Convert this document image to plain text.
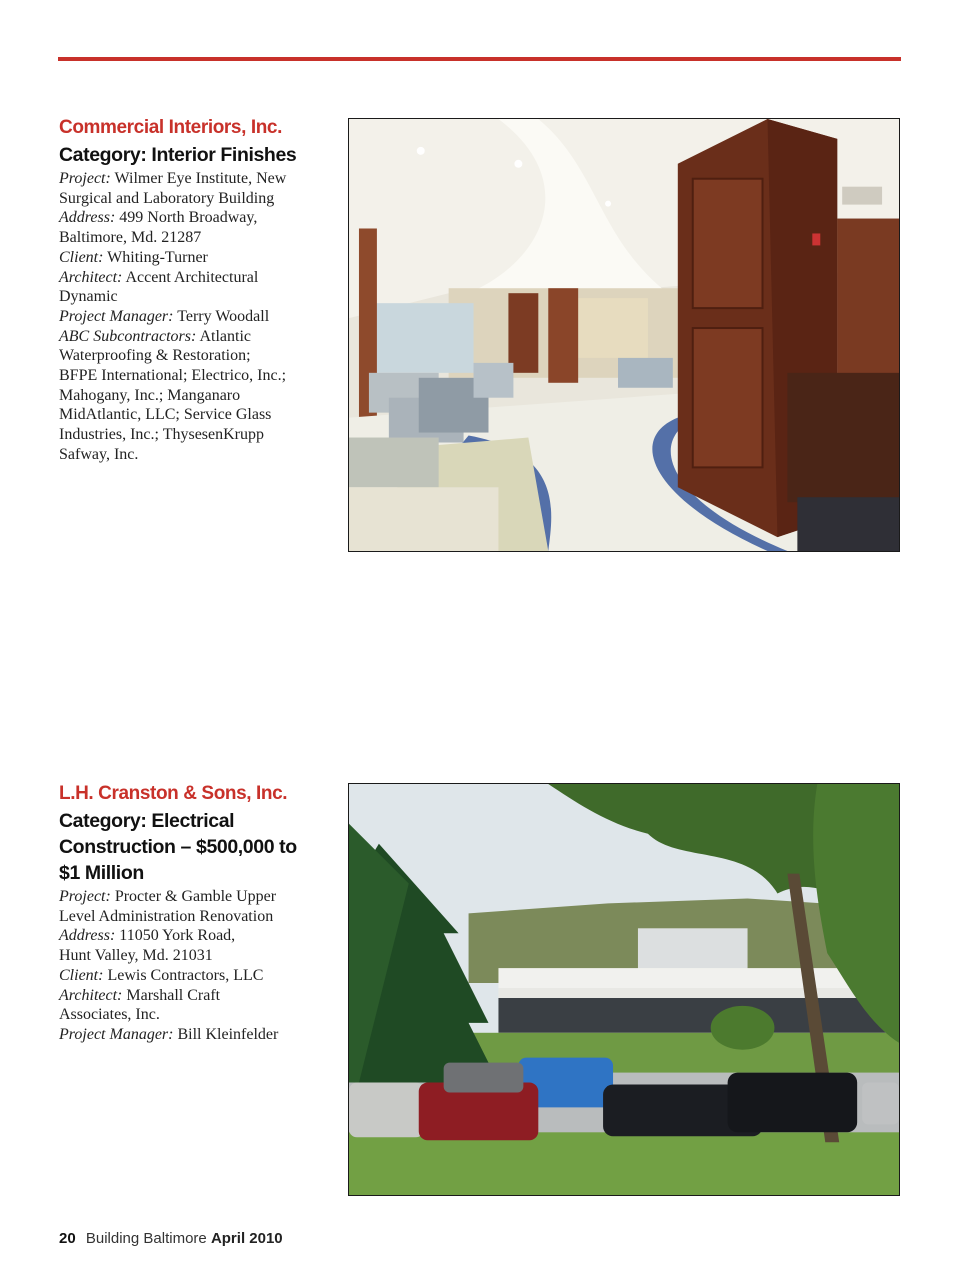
Commercial Interiors, Inc.
Category: Interior Finishes
Project: Wilmer Eye Institute, New
Surgical and Laboratory Building
Address: 499 North Broadway,
Baltimore, Md. 21287
Client: Whiting-Turner
Architect: Accent Architectural
Dynamic
Project Manager: Terry Woodall
ABC Subcontractors: Atlantic
Waterproofing & Restoration;
BFPE International; Electrico, Inc.;
Mahogany, Inc.; Manganaro
MidAtlantic, LLC; Service Glass
Industries, Inc.; ThysesenKrupp
Safway, Inc.
L.H. Cranston & Sons, Inc.
Category: Electrical
Construction – $500,000 to
$1 Million
Project: Procter & Gamble Upper
Level Administration Renovation
Address: 11050 York Road,
Hunt Valley, Md. 21031
Client: Lewis Contractors, LLC
Architect: Marshall Craft
Associates, Inc.
Project Manager: Bill Kleinfelder
20 Building Baltimore April 2010
